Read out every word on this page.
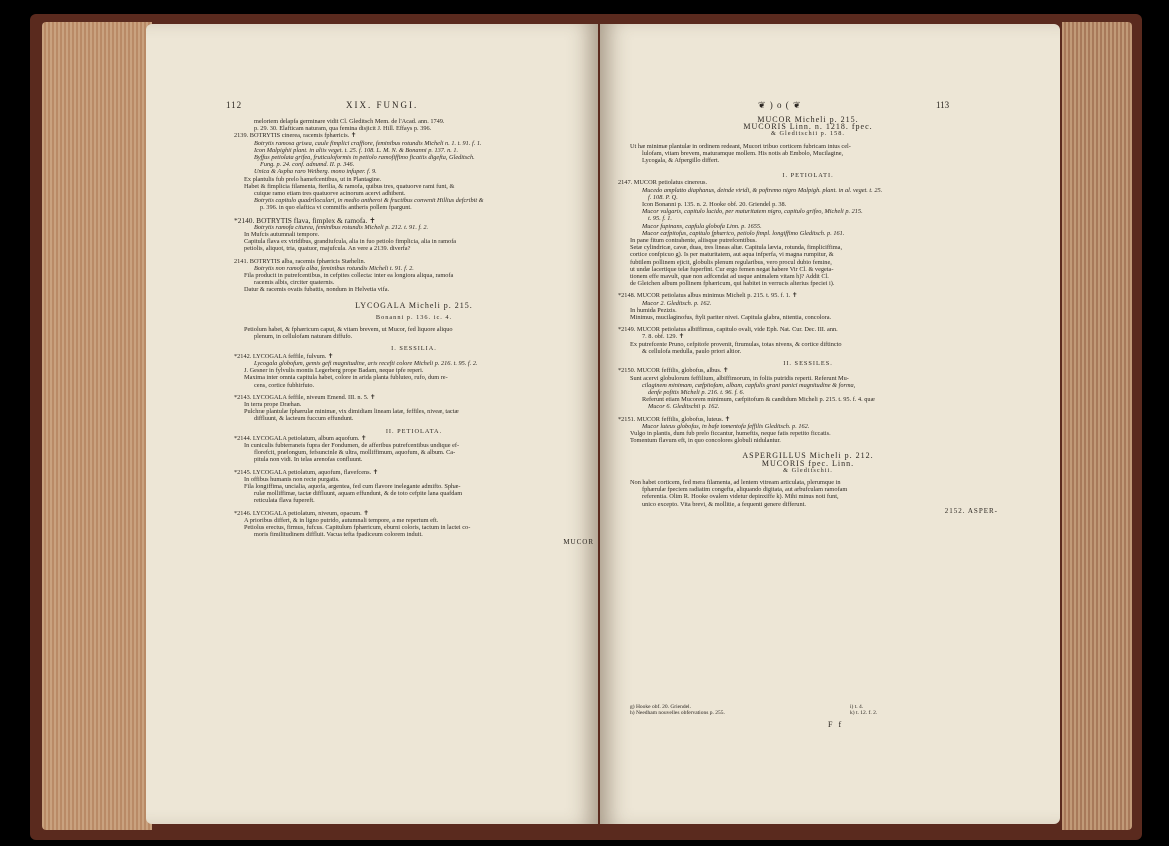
112	XIX. FUNGI.

meloriem delapfa germinare vidit Cl. Gleditsch Mem. de l'Acad. ann. 1749.

p. 29. 30. Elafticam naturam, qua femina disjicit J. Hill. Effays p. 396.

2139. BOTRYTIS cinerea, racemis fphæricis. ✝

Botrytis ramosa grisea, caule fimplici craffiore, feminibus rotundis Micheli n. 1. t. 91. f. 1.

Icon Malpighii plant. in aliis veget. t. 25. f. 108. L. M. N. & Bonanni p. 137. n. 1.

Byffus petiolata grifea, fruticuloformis in petiolo ramofiffimo ficatiis digefta, Gleditsch.

Fung. p. 24. conf. adnumd. II. p. 346.

Unica & Aspha raro Weiberg. mono infuper. f. 9.

Ex plantulis fub prelo hamefcentibus, ut in Plantagine.

Habet & fimplicia filamenta, fterilia, & ramofa, quibus tres, quatuorve rami funt, &

cuique ramo etiam tres quatuorve acinorum acervi adhibent.

Botrytis capitulo quadriloculari, in medio antheroi & fructibus convenit Hillius defcribit &

p. 396. in quo elaftica vi commifis antheris pollem fpargunt.

*2140. BOTRYTIS flava, fimplex & ramofa. ✝

Botrytis ramofa citurea, feminibus rotundis Micheli p. 212. t. 91. f. 2.

In Mufcis autumnali tempore.

Capitula flava ex viridibus, grandiufcula, alia in fuo petiolo fimplicia, alia in ramofa

petiolis, aliquot, tria, quatuor, majufcula. An vere a 2139. diverfa?

2141. BOTRYTIS alba, racemis fphæricis Stæhelin.

Botrytis non ramofa alba, feminibus rotundis Micheli t. 91. f. 2.

Fila producit in putrefcentibus, in cefpites collecta: inter ea longiora aliqua, ramofa

racemis albis, circiter quaternis.

Datur & racemis ovatis fubattis, nondum in Helvetia vifa.

LYCOGALA Micheli p. 215.

Bonanni p. 136. ic. 4.

Petiolum habet, & fphæricum caput, & vitam brevem, ut Mucor, fed liquore aliquo

plenum, in cellulofam naturam diffufo.

I. SESSILIA.

*2142. LYCOGALA feffile, fulvum. ✝

Lycogala globofum, gemis gefi magnitudine, aris recefti colore Micheli p. 216. t. 95. f. 2.

J. Gesner in fylvulis montis Legerberg prope Badam, neque ipfe reperi.

Maxima inter omnia capitula habet, colore in arida planta fubluteo, rufo, dum re-

cens, cortice fubhirfuto.

*2143. LYCOGALA feffile, niveum Emend. III. n. 5. ✝

In terra prope Dræhan.

Pulchræ plantulæ fphærulæ minimæ, vix dimidiam lineam latæ, feffiles, niveæ, tactæ

diffluunt, & lacteum fuccum effundunt.

II. PETIOLATA.

*2144. LYCOGALA petiolatum, album aquofum. ✝

In cuniculis fubterraneis fupra der Fondumen, de afferibus putrefcentibus undique ef-

florefcit, prælongum, fefsuncinle & ultra, molliffimum, aquofum, & album. Ca-

pitula non vidi. In telas arenofas confluunt.

*2145. LYCOGALA petiolatum, aquofum, flavefcens. ✝

In offibus humanis non recte purgatis.

Fila longiffima, uncialia, aquofa, argentea, fed cum flavore inelegante admifto. Sphæ-

rulæ molliffimæ, tactæ diffluunt, aquam effundunt, & de toto cefpite lana quafdam

reticulata flava fupereft.

*2146. LYCOGALA petiolatum, niveum, opacum. ✝

A prioribus differt, & in ligno putrido, autumnali tempore, a me repertum eft.

Petiolus erectus, firmus, fufcus. Capitulum fphæricum, eburni coloris, tactum in lactei co-

moris fimilitudinem diffluit. Vacua tefta fpadiceum colorem induit.

MUCOR

❦ ) o ( ❦	113

MUCOR Micheli p. 215.

MUCORIS Linn. n. 1218. fpec.

& Gleditschii p. 158.

Ut hæ minimæ plantulæ in ordinem redeant, Mucori tribuo corticem fubricam intus cel-

lulofam, vitam brevem, maturamque mollem. His notis ab Embolo, Mucilagine,

Lycogala, & Afpergillo differt.

I. PETIOLATI.

2147. MUCOR petiolatus cinereus.

Mucedo amplatto diaphanus, deinde viridi, & poftremo nigro Malpigh. plant. in al. veget. t. 25.

f. 108. P. Q.

Icon Bonanni p. 135. n. 2. Hooke obf. 20. Griendel p. 38.

Mucor vulgaris, capitulo lucido, per maturitatem nigro, capitulo grifeo, Micheli p. 215.

t. 95. f. 1.

Mucor fupinans, capfula globofa Linn. p. 1655.

Mucor cæfpitofus, capitulo fphærico, petiolo fimpl. longiffimo Gleditsch. p. 161.

In pane fitum contrahente, aliisque putrefcentibus.

Setæ cylindricæ, cavæ, duas, tres lineas altæ. Capitula lævia, rotunda, fimpliciffima,

cortice confpicuo g). Is per maturitatem, aut aqua infperfa, vi magna rumpitur, &

fubtilem pollinem ejicit, globulis plenum regularibus, vero procul dubio femine,

ut undæ lacertique telæ fuperfint. Cur ergo femen negat habere Vir Cl. & vegeta-

tionem effe mavult, quæ non adfcendat ad usque animalem vitam h)? Addit Cl.

de Gleichen album pollinem fphæricum, qui habitet in verrucis alterius fpeciei i).

*2148. MUCOR petiolatus albus minimus Micheli p. 215. t. 95. f. 1. ✝

Mucor 2. Gleditsch. p. 162.

In humida Pezizis.

Minimus, mucilaginofus, ftyli pariter nivei. Capitula glabra, nitentia, concolora.

*2149. MUCOR petiolatus albiffimus, capitulo ovali, vide Eph. Nat. Cur. Dec. III. ann.

7. 8. obf. 129. ✝

Ex putrefcente Pruno, cefpitofe provenit, ftrumulas, totas nivens, & cortice diftincto

& cellulofa medulla, paulo priori altior.

II. SESSILES.

*2150. MUCOR feffilis, globofus, albus. ✝

Sunt acervi globulorum feffilium, albiffimorum, in foliis putridis reperti. Referunt Mu-

cilaginem minimam, cæfpitofam, albam, capfulis grani panici magnitudine & forma,

denfe pofitis Micheli p. 216. t. 96. f. 6.

Referunt etiam Mucorem minimum, cæfpitofum & candidum Micheli p. 215. t. 95. f. 4. quæ

Mucor 6. Gleditschii p. 162.

*2151. MUCOR feffilis, globofus, luteus. ✝

Mucor luteus globofus, in bafe tomentofa feffilis Gleditsch. p. 162.

Vulgo in plantis, dum fub prelo ficcantur, humeftis, neque fatis repetito ficcatis.

Tomentum flavum eft, in quo concolores globuli nidulantur.

ASPERGILLUS Micheli p. 212.

MUCORIS fpec. Linn.

& Gleditschii.

Non habet corticem, fed mera filamenta, ad lentem vitream articulata, plerumque in

fphærulæ fpeciem radiatim congefta, aliquando digitata, aut arbufculam ramofam

referentia. Olim R. Hooke ovalem videtur depinxiffe k). Mihi minus noti funt,

unico excepto. Vita brevi, & mollitie, a fequenti genere differunt.

2152. ASPER-

g) Hooke obf. 20. Griendel.

h) Needham nouvelles obfervations p. 255.

i) t. 4.

k) t. 12. f. 2.

F f
